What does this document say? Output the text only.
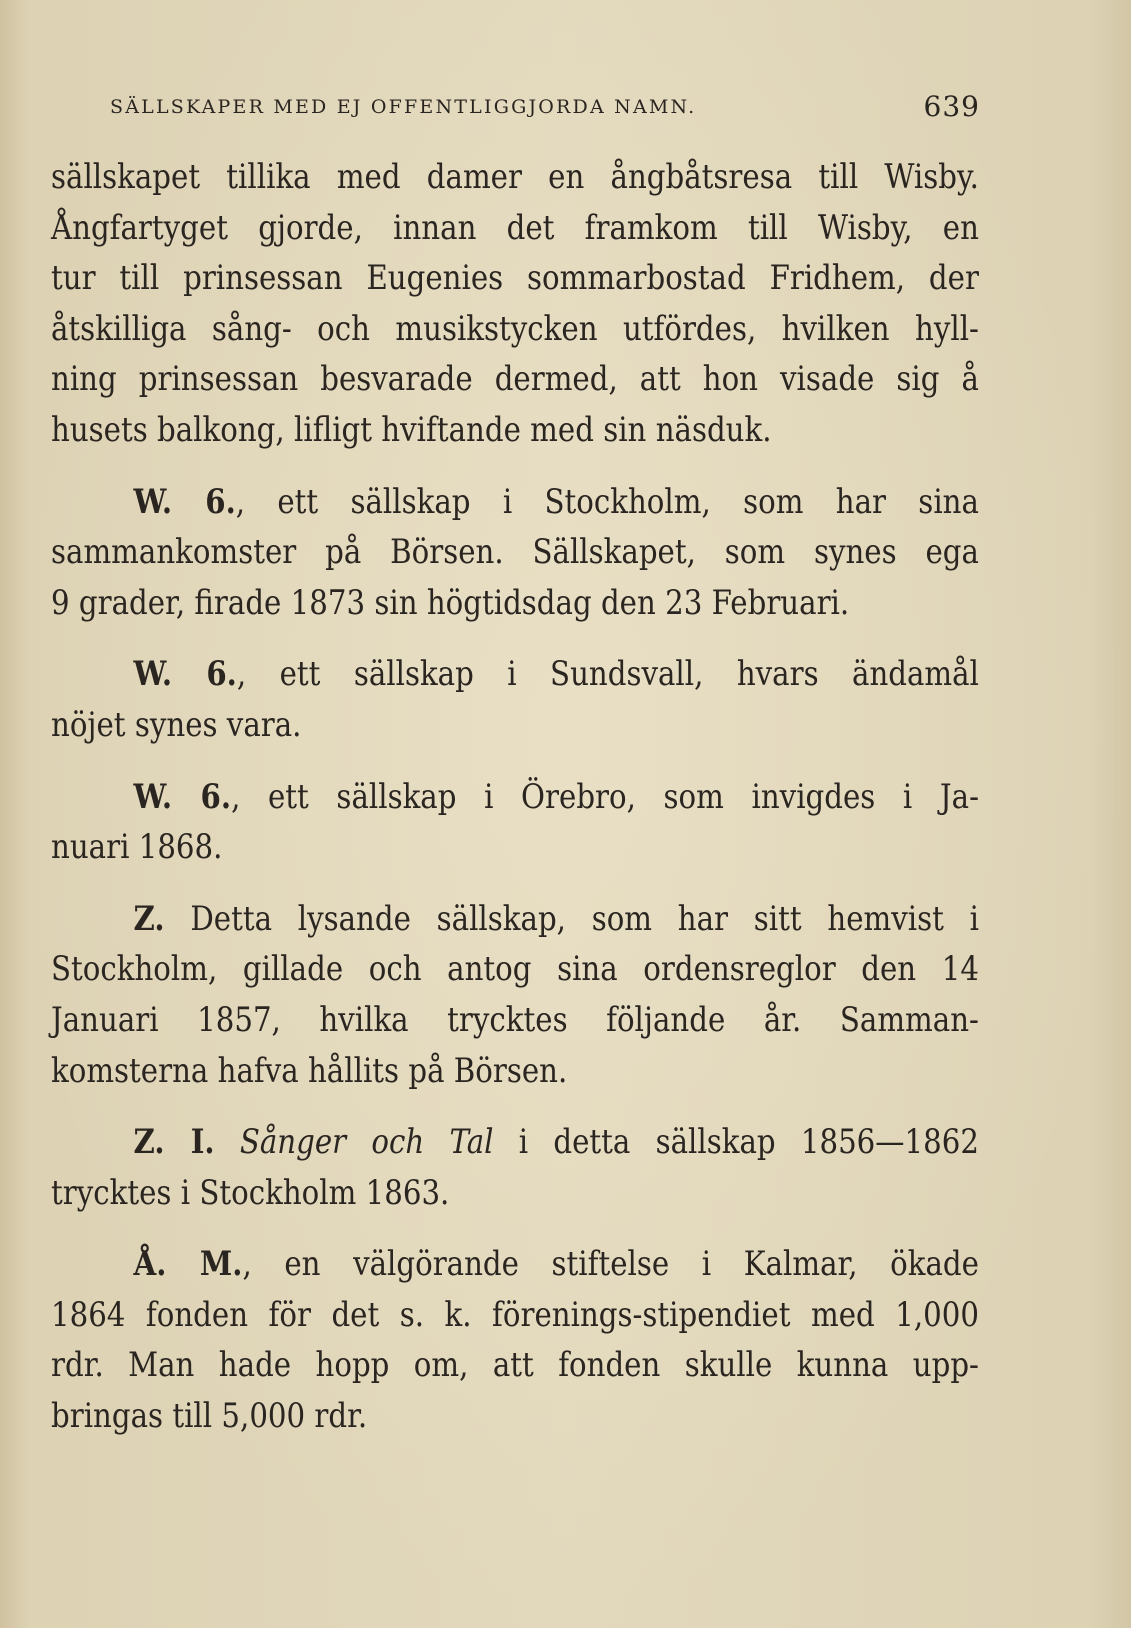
SÄLLSKAPER MED EJ OFFENTLIGGJORDA NAMN.	639
sällskapet tillika med damer en ångbåtsresa till Wisby.
Ångfartyget gjorde, innan det framkom till Wisby, en
tur till prinsessan Eugenies sommarbostad Fridhem, der
åtskilliga sång- och musikstycken utfördes, hvilken hyll-
ning prinsessan besvarade dermed, att hon visade sig å
husets balkong, lifligt hviftande med sin näsduk.
W. 6., ett sällskap i Stockholm, som har sina
sammankomster på Börsen. Sällskapet, som synes ega
9 grader, firade 1873 sin högtidsdag den 23 Februari.
W. 6., ett sällskap i Sundsvall, hvars ändamål
nöjet synes vara.
W. 6., ett sällskap i Örebro, som invigdes i Ja-
nuari 1868.
Z. Detta lysande sällskap, som har sitt hemvist i
Stockholm, gillade och antog sina ordensreglor den 14
Januari 1857, hvilka trycktes följande år. Samman-
komsterna hafva hållits på Börsen.
Z. I. Sånger och Tal i detta sällskap 1856—1862
trycktes i Stockholm 1863.
Å. M., en välgörande stiftelse i Kalmar, ökade
1864 fonden för det s. k. förenings-stipendiet med 1,000
rdr. Man hade hopp om, att fonden skulle kunna upp-
bringas till 5,000 rdr.
